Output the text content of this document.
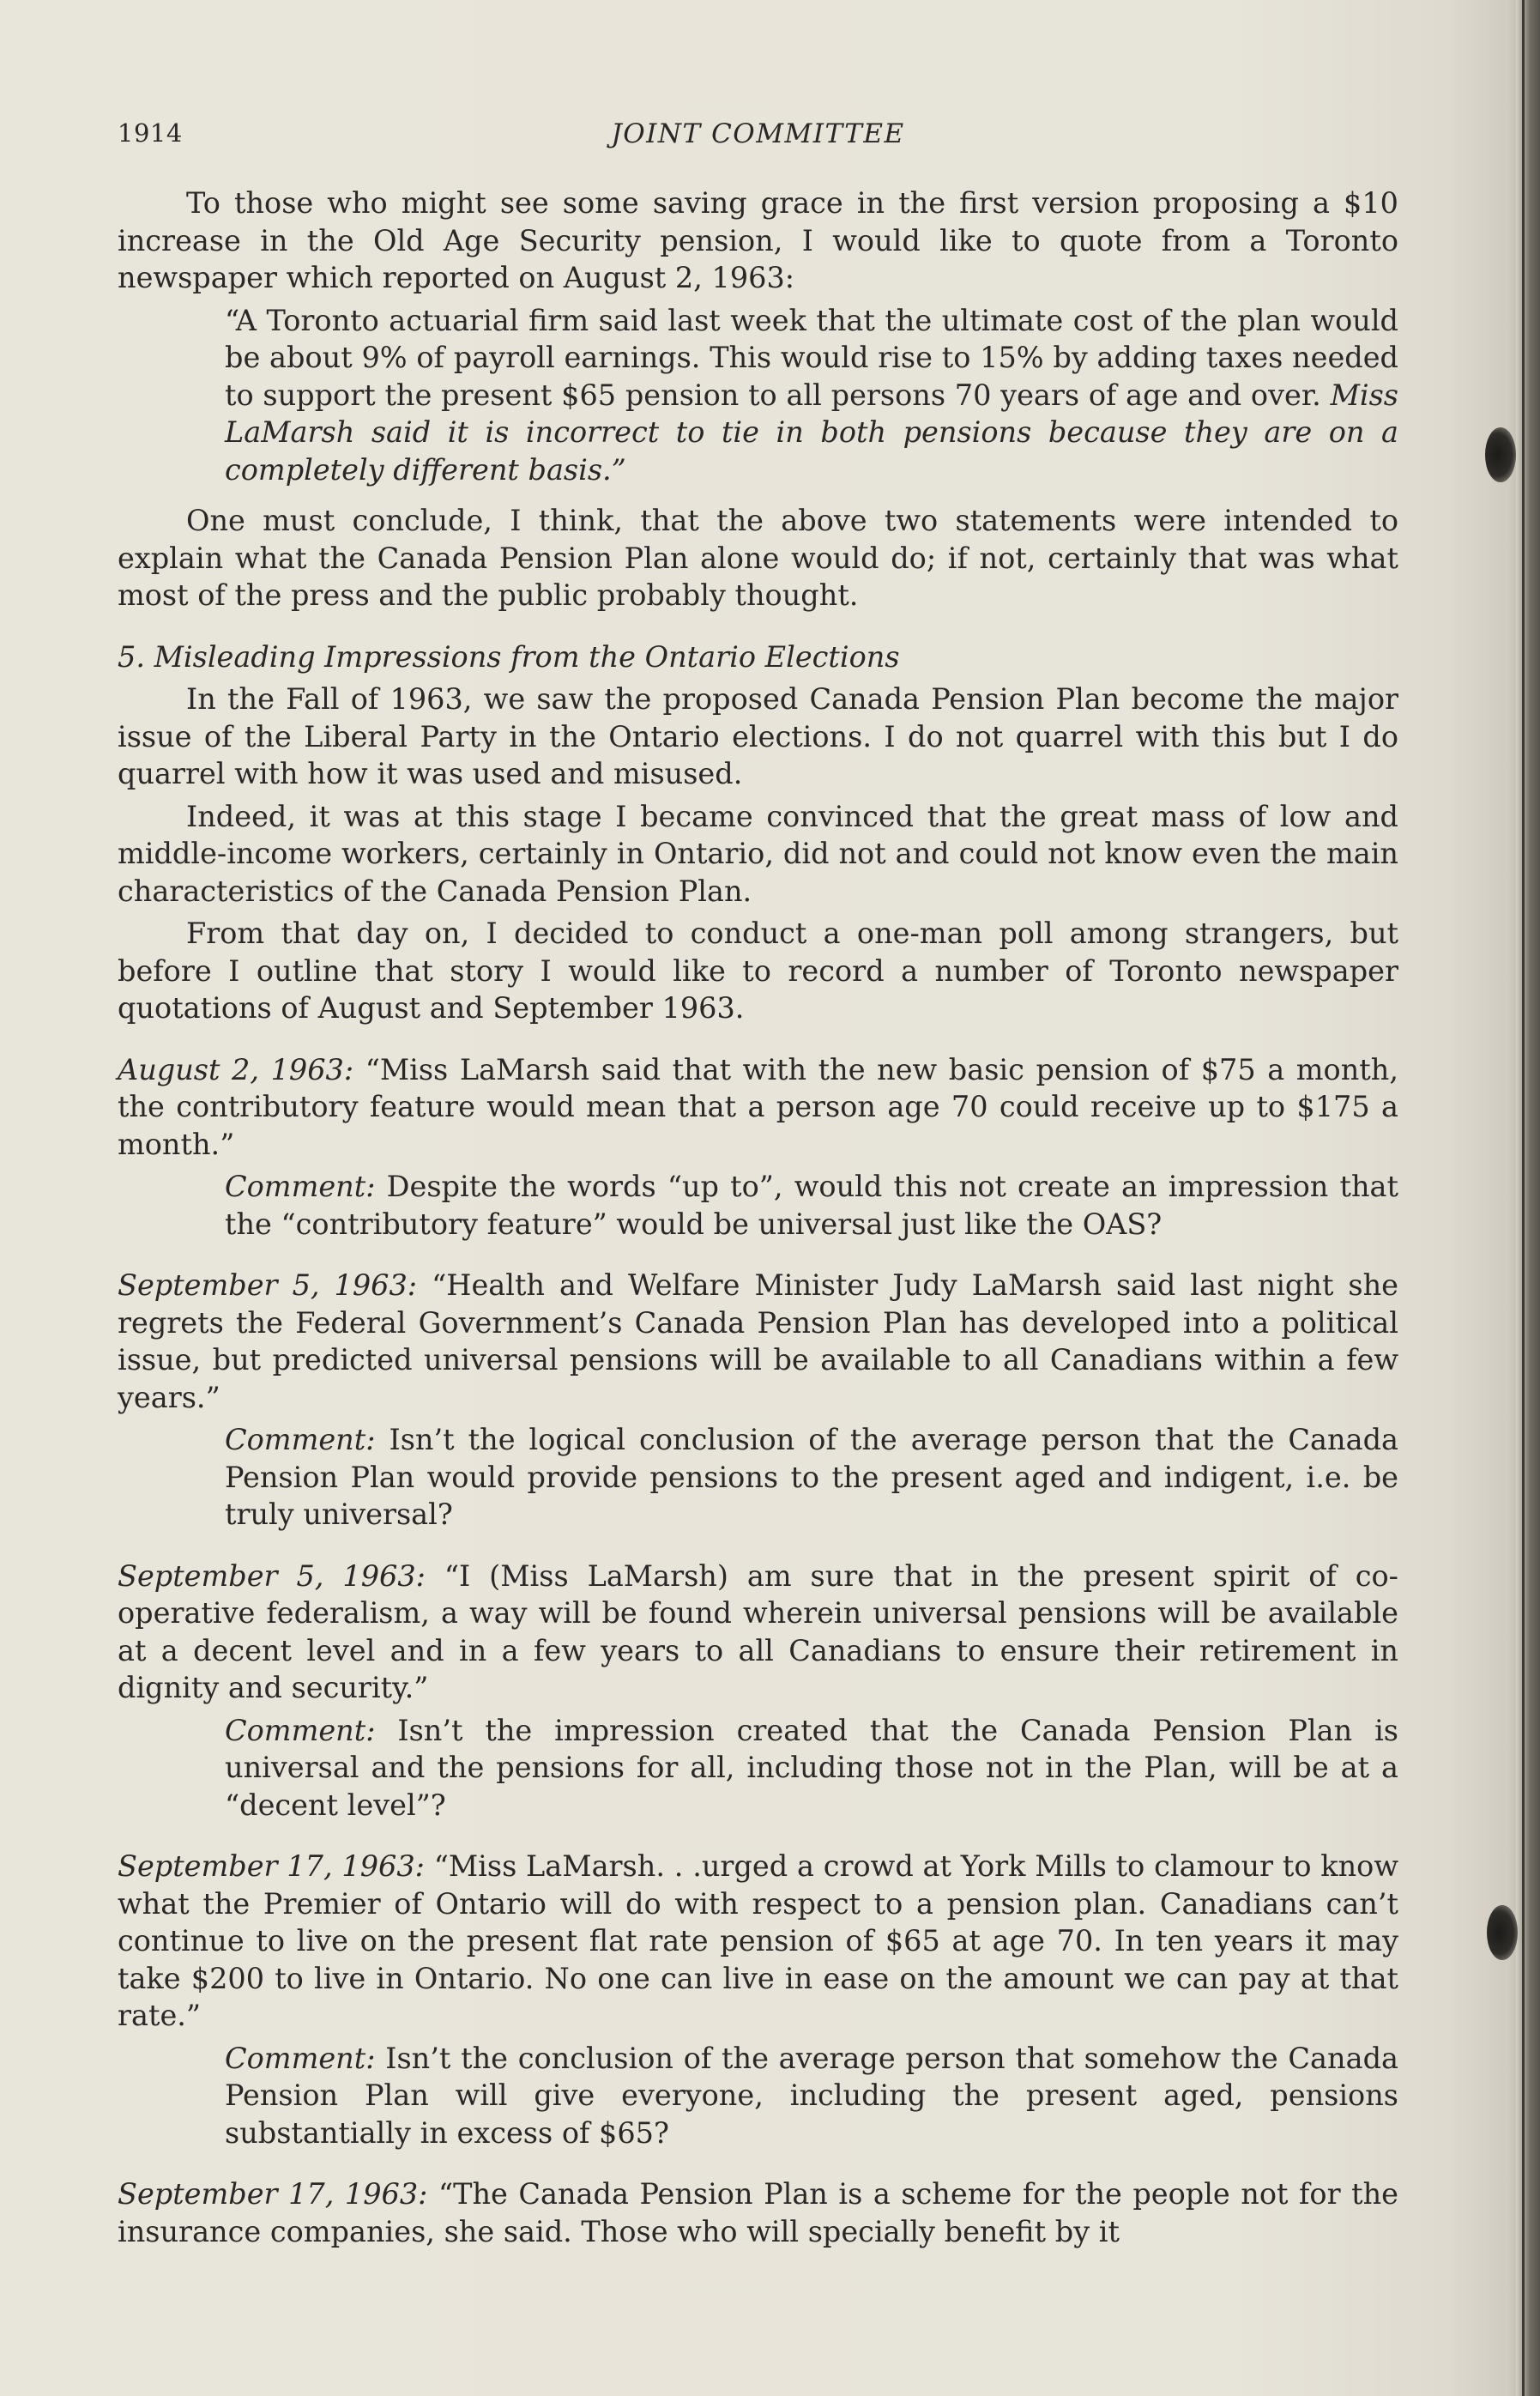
1914	JOINT COMMITTEE

To those who might see some saving grace in the first version proposing a $10 increase in the Old Age Security pension, I would like to quote from a Toronto newspaper which reported on August 2, 1963:

“A Toronto actuarial firm said last week that the ultimate cost of the plan would be about 9% of payroll earnings. This would rise to 15% by adding taxes needed to support the present $65 pension to all persons 70 years of age and over. Miss LaMarsh said it is incorrect to tie in both pensions because they are on a completely different basis.”

One must conclude, I think, that the above two statements were intended to explain what the Canada Pension Plan alone would do; if not, certainly that was what most of the press and the public probably thought.

5. Misleading Impressions from the Ontario Elections

In the Fall of 1963, we saw the proposed Canada Pension Plan become the major issue of the Liberal Party in the Ontario elections. I do not quarrel with this but I do quarrel with how it was used and misused.

Indeed, it was at this stage I became convinced that the great mass of low and middle-income workers, certainly in Ontario, did not and could not know even the main characteristics of the Canada Pension Plan.

From that day on, I decided to conduct a one-man poll among strangers, but before I outline that story I would like to record a number of Toronto newspaper quotations of August and September 1963.

August 2, 1963: “Miss LaMarsh said that with the new basic pension of $75 a month, the contributory feature would mean that a person age 70 could receive up to $175 a month.”

Comment: Despite the words “up to”, would this not create an impression that the “contributory feature” would be universal just like the OAS?

September 5, 1963: “Health and Welfare Minister Judy LaMarsh said last night she regrets the Federal Government’s Canada Pension Plan has developed into a political issue, but predicted universal pensions will be available to all Canadians within a few years.”

Comment: Isn’t the logical conclusion of the average person that the Canada Pension Plan would provide pensions to the present aged and indigent, i.e. be truly universal?

September 5, 1963: “I (Miss LaMarsh) am sure that in the present spirit of co-operative federalism, a way will be found wherein universal pensions will be available at a decent level and in a few years to all Canadians to ensure their retirement in dignity and security.”

Comment: Isn’t the impression created that the Canada Pension Plan is universal and the pensions for all, including those not in the Plan, will be at a “decent level”?

September 17, 1963: “Miss LaMarsh. . .urged a crowd at York Mills to clamour to know what the Premier of Ontario will do with respect to a pension plan. Canadians can’t continue to live on the present flat rate pension of $65 at age 70. In ten years it may take $200 to live in Ontario. No one can live in ease on the amount we can pay at that rate.”

Comment: Isn’t the conclusion of the average person that somehow the Canada Pension Plan will give everyone, including the present aged, pensions substantially in excess of $65?

September 17, 1963: “The Canada Pension Plan is a scheme for the people not for the insurance companies, she said. Those who will specially benefit by it
